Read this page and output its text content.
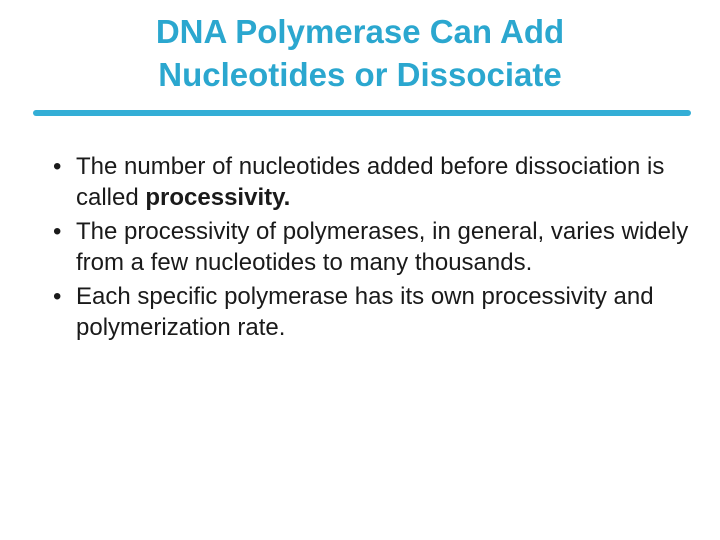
DNA Polymerase Can Add
Nucleotides or Dissociate
• The number of nucleotides added before dissociation is called processivity.
• The processivity of polymerases, in general, varies widely from a few nucleotides to many thousands.
• Each specific polymerase has its own processivity and polymerization rate.
